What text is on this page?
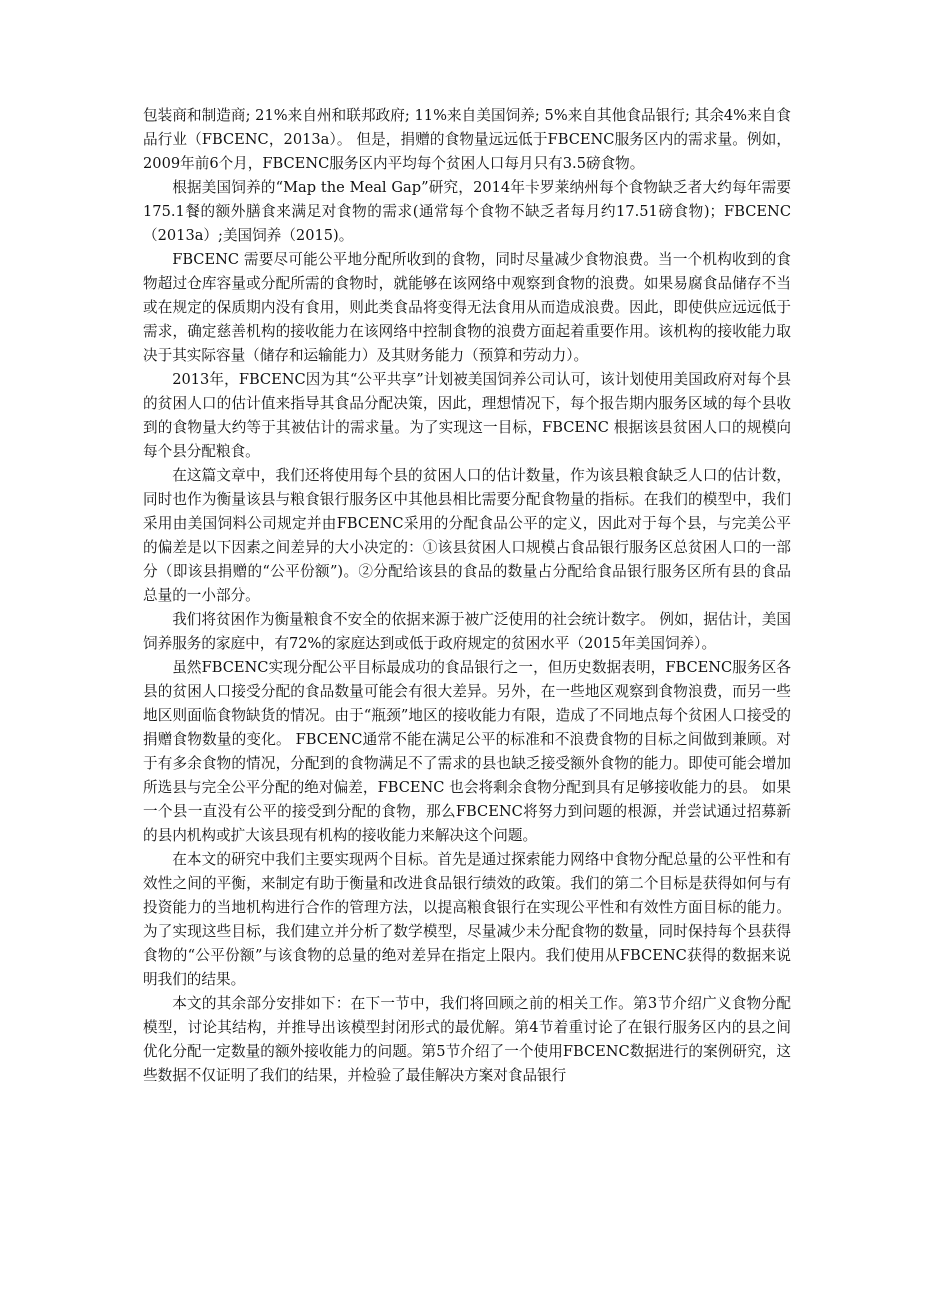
包装商和制造商; 21%来自州和联邦政府; 11%来自美国饲养; 5%来自其他食品银行; 其余4%来自食品行业（FBCENC，2013a）。 但是，捐赠的食物量远远低于FBCENC服务区内的需求量。例如，2009年前6个月，FBCENC服务区内平均每个贫困人口每月只有3.5磅食物。

根据美国饲养的“Map the Meal Gap”研究，2014年卡罗莱纳州每个食物缺乏者大约每年需要175.1餐的额外膳食来满足对食物的需求(通常每个食物不缺乏者每月约17.51磅食物)；FBCENC（2013a）;美国饲养（2015)。

FBCENC 需要尽可能公平地分配所收到的食物，同时尽量减少食物浪费。当一个机构收到的食物超过仓库容量或分配所需的食物时，就能够在该网络中观察到食物的浪费。如果易腐食品储存不当或在规定的保质期内没有食用，则此类食品将变得无法食用从而造成浪费。因此，即使供应远远低于需求，确定慈善机构的接收能力在该网络中控制食物的浪费方面起着重要作用。该机构的接收能力取决于其实际容量（储存和运输能力）及其财务能力（预算和劳动力）。

2013年，FBCENC因为其“公平共享”计划被美国饲养公司认可，该计划使用美国政府对每个县的贫困人口的估计值来指导其食品分配决策，因此，理想情况下，每个报告期内服务区域的每个县收到的食物量大约等于其被估计的需求量。为了实现这一目标，FBCENC 根据该县贫困人口的规模向每个县分配粮食。

在这篇文章中，我们还将使用每个县的贫困人口的估计数量，作为该县粮食缺乏人口的估计数，同时也作为衡量该县与粮食银行服务区中其他县相比需要分配食物量的指标。在我们的模型中，我们采用由美国饲料公司规定并由FBCENC采用的分配食品公平的定义，因此对于每个县，与完美公平的偏差是以下因素之间差异的大小决定的：①该县贫困人口规模占食品银行服务区总贫困人口的一部分（即该县捐赠的“公平份额”)。②分配给该县的食品的数量占分配给食品银行服务区所有县的食品总量的一小部分。

我们将贫困作为衡量粮食不安全的依据来源于被广泛使用的社会统计数字。 例如，据估计，美国饲养服务的家庭中，有72%的家庭达到或低于政府规定的贫困水平（2015年美国饲养）。

虽然FBCENC实现分配公平目标最成功的食品银行之一，但历史数据表明，FBCENC服务区各县的贫困人口接受分配的食品数量可能会有很大差异。另外，在一些地区观察到食物浪费，而另一些地区则面临食物缺货的情况。由于“瓶颈”地区的接收能力有限，造成了不同地点每个贫困人口接受的捐赠食物数量的变化。 FBCENC通常不能在满足公平的标准和不浪费食物的目标之间做到兼顾。对于有多余食物的情况，分配到的食物满足不了需求的县也缺乏接受额外食物的能力。即使可能会增加所选县与完全公平分配的绝对偏差，FBCENC 也会将剩余食物分配到具有足够接收能力的县。 如果一个县一直没有公平的接受到分配的食物，那么FBCENC将努力到问题的根源，并尝试通过招募新的县内机构或扩大该县现有机构的接收能力来解决这个问题。

在本文的研究中我们主要实现两个目标。首先是通过探索能力网络中食物分配总量的公平性和有效性之间的平衡，来制定有助于衡量和改进食品银行绩效的政策。我们的第二个目标是获得如何与有投资能力的当地机构进行合作的管理方法，以提高粮食银行在实现公平性和有效性方面目标的能力。为了实现这些目标，我们建立并分析了数学模型，尽量减少未分配食物的数量，同时保持每个县获得食物的“公平份额”与该食物的总量的绝对差异在指定上限内。我们使用从FBCENC获得的数据来说明我们的结果。

本文的其余部分安排如下：在下一节中，我们将回顾之前的相关工作。第3节介绍广义食物分配模型，讨论其结构，并推导出该模型封闭形式的最优解。第4节着重讨论了在银行服务区内的县之间优化分配一定数量的额外接收能力的问题。第5节介绍了一个使用FBCENC数据进行的案例研究，这些数据不仅证明了我们的结果，并检验了最佳解决方案对食品银行
